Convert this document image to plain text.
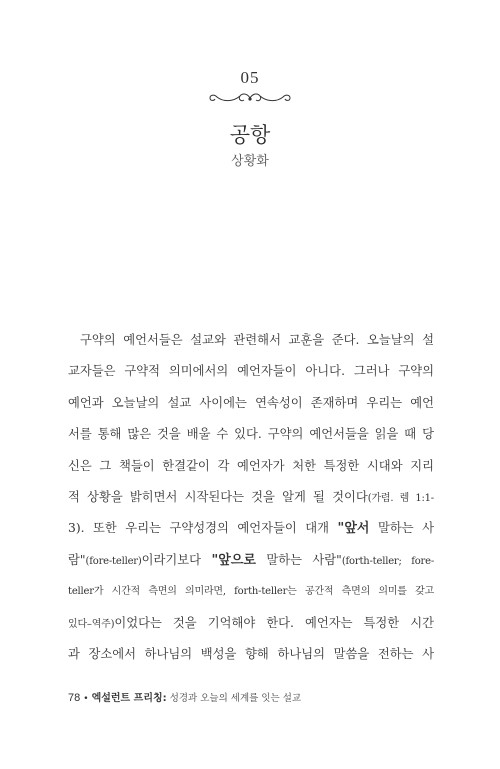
05
공항
상황화
구약의 예언서들은 설교와 관련해서 교훈을 준다. 오늘날의 설
교자들은 구약적 의미에서의 예언자들이 아니다. 그러나 구약의
예언과 오늘날의 설교 사이에는 연속성이 존재하며 우리는 예언
서를 통해 많은 것을 배울 수 있다. 구약의 예언서들을 읽을 때 당
신은 그 책들이 한결같이 각 예언자가 처한 특정한 시대와 지리
적 상황을 밝히면서 시작된다는 것을 알게 될 것이다(가렴. 렘 1:1-
3). 또한 우리는 구약성경의 예언자들이 대개 "앞서 말하는 사
람"(fore-teller)이라기보다 "앞으로 말하는 사람"(forth-teller; fore-
teller가 시간적 측면의 의미라면, forth-teller는 공간적 측면의 의미를 갖고
있다–역주)이었다는 것을 기억해야 한다. 예언자는 특정한 시간
과 장소에서 하나님의 백성을 향해 하나님의 말씀을 전하는 사
78 • 엑설런트 프리칭: 성경과 오늘의 세계를 잇는 설교
